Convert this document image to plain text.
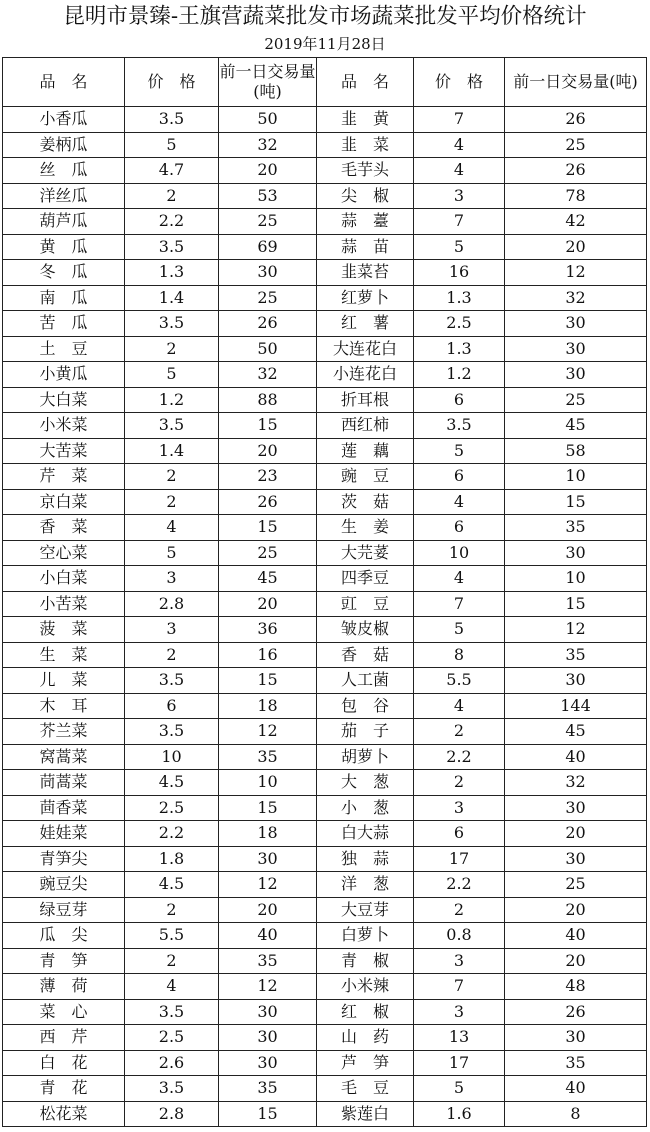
昆明市景臻-王旗营蔬菜批发市场蔬菜批发平均价格统计
2019年11月28日
品　名	价　格	前一日交易量(吨)	品　名	价　格	前一日交易量(吨)
小香瓜	3.5	50	韭　黄	7	26
姜柄瓜	5	32	韭　菜	4	25
丝　瓜	4.7	20	毛芋头	4	26
洋丝瓜	2	53	尖　椒	3	78
葫芦瓜	2.2	25	蒜　薹	7	42
黄　瓜	3.5	69	蒜　苗	5	20
冬　瓜	1.3	30	韭菜苔	16	12
南　瓜	1.4	25	红萝卜	1.3	32
苦　瓜	3.5	26	红　薯	2.5	30
土　豆	2	50	大连花白	1.3	30
小黄瓜	5	32	小连花白	1.2	30
大白菜	1.2	88	折耳根	6	25
小米菜	3.5	15	西红柿	3.5	45
大苦菜	1.4	20	莲　藕	5	58
芹　菜	2	23	豌　豆	6	10
京白菜	2	26	茨　菇	4	15
香　菜	4	15	生　姜	6	35
空心菜	5	25	大芫荽	10	30
小白菜	3	45	四季豆	4	10
小苦菜	2.8	20	豇　豆	7	15
菠　菜	3	36	皱皮椒	5	12
生　菜	2	16	香　菇	8	35
儿　菜	3.5	15	人工菌	5.5	30
木　耳	6	18	包　谷	4	144
芥兰菜	3.5	12	茄　子	2	45
窝蒿菜	10	35	胡萝卜	2.2	40
茼蒿菜	4.5	10	大　葱	2	32
茴香菜	2.5	15	小　葱	3	30
娃娃菜	2.2	18	白大蒜	6	20
青笋尖	1.8	30	独　蒜	17	30
豌豆尖	4.5	12	洋　葱	2.2	25
绿豆芽	2	20	大豆芽	2	20
瓜　尖	5.5	40	白萝卜	0.8	40
青　笋	2	35	青　椒	3	20
薄　荷	4	12	小米辣	7	48
菜　心	3.5	30	红　椒	3	26
西　芹	2.5	30	山　药	13	30
白　花	2.6	30	芦　笋	17	35
青　花	3.5	35	毛　豆	5	40
松花菜	2.8	15	紫莲白	1.6	8
